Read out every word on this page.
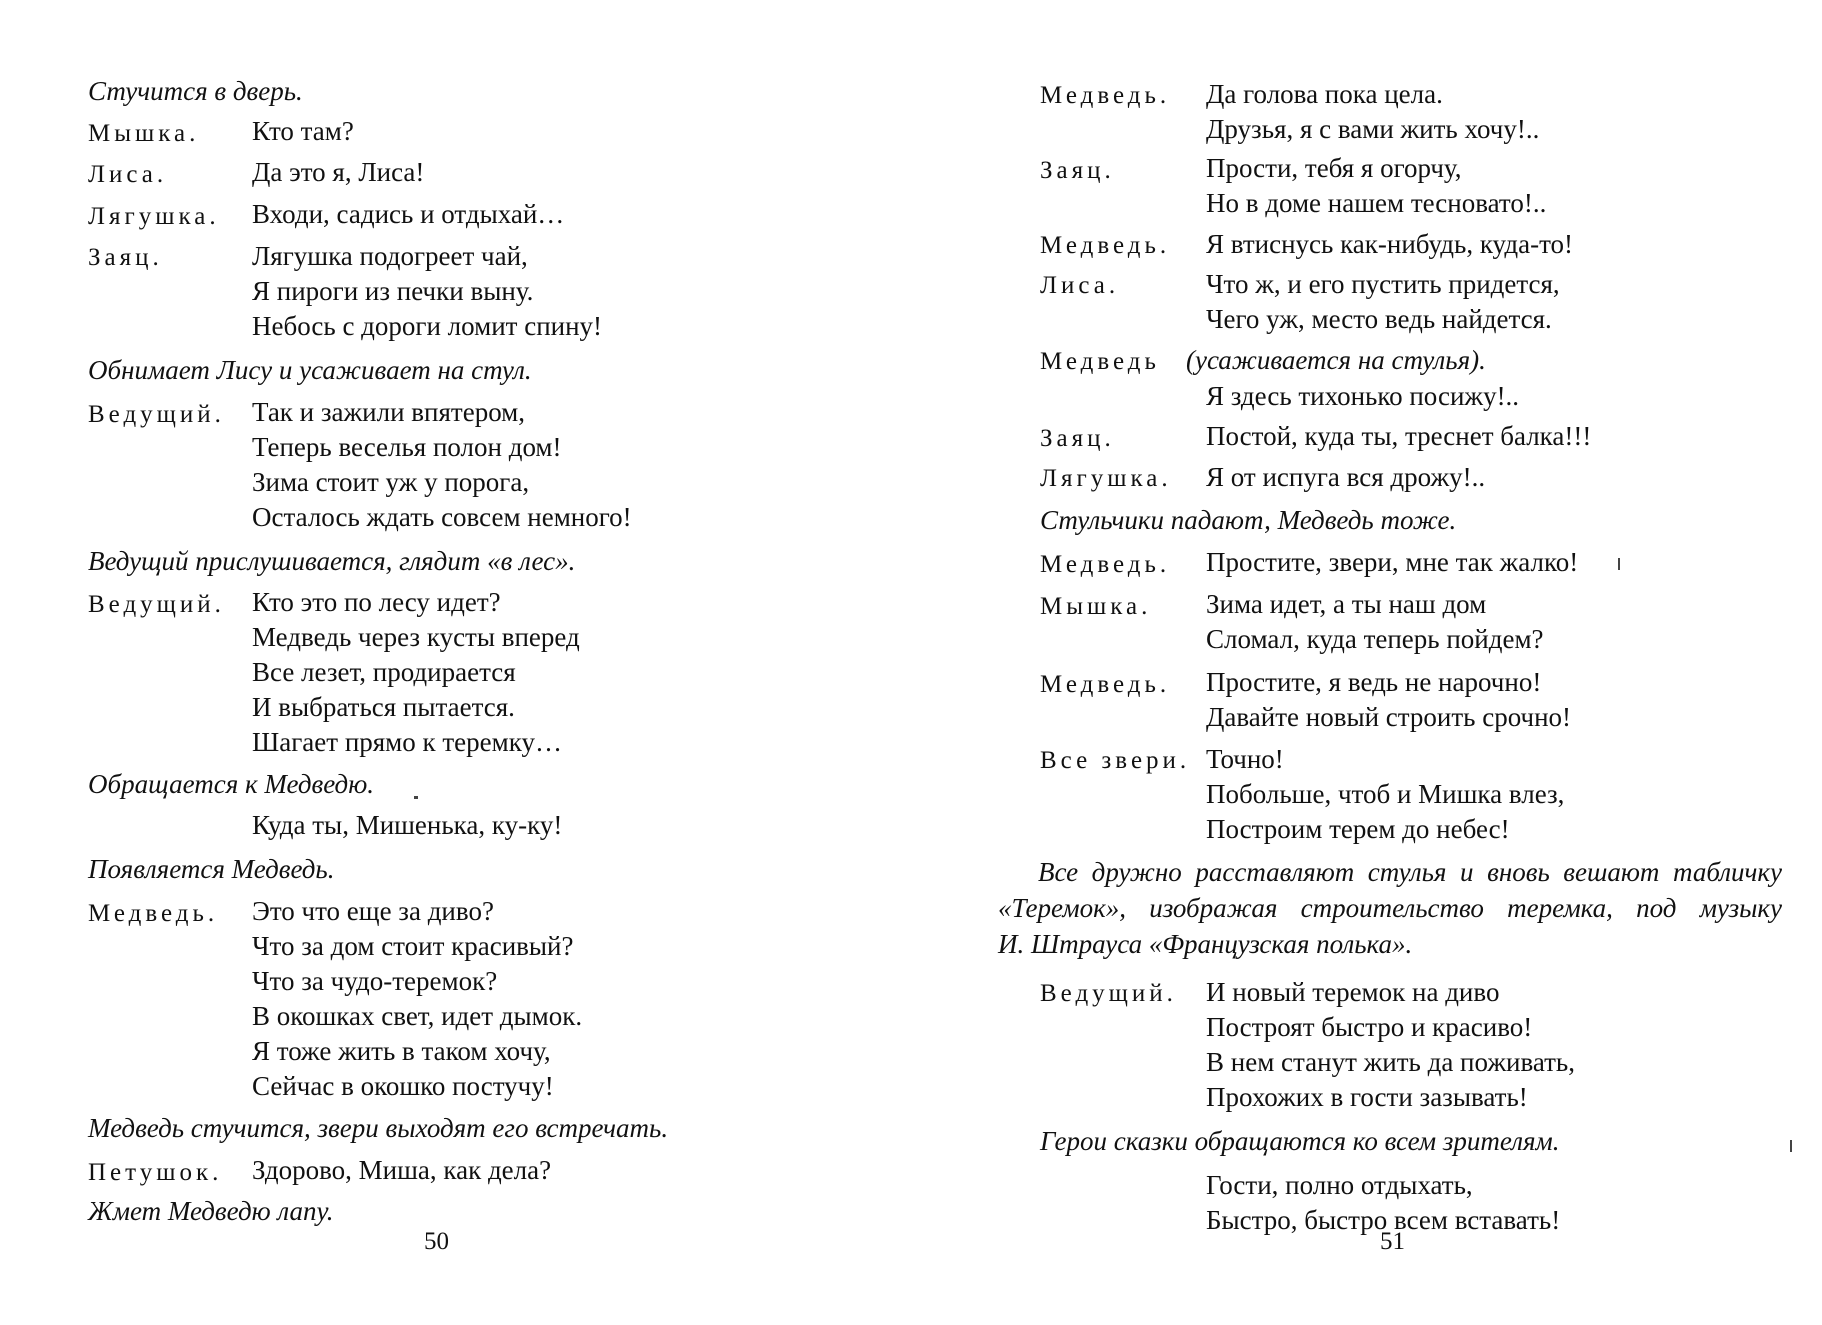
Стучится в дверь.
Мышка. Кто там?
Лиса.	Да это я, Лиса!
Лягушка. Входи, садись и отдыхай…
Заяц.	Лягушка подогреет чай,
Я пироги из печки выну.
Небось с дороги ломит спину!
Обнимает Лису и усаживает на стул.
Ведущий. Так и зажили впятером,
Теперь веселья полон дом!
Зима стоит уж у порога,
Осталось ждать совсем немного!
Ведущий прислушивается, глядит «в лес».
Ведущий. Кто это по лесу идет?
Медведь через кусты вперед
Все лезет, продирается
И выбраться пытается.
Шагает прямо к теремку…
Обращается к Медведю.
Куда ты, Мишенька, ку-ку!
Появляется Медведь.
Медведь. Это что еще за диво?
Что за дом стоит красивый?
Что за чудо-теремок?
В окошках свет, идет дымок.
Я тоже жить в таком хочу,
Сейчас в окошко постучу!
Медведь стучится, звери выходят его встречать.
Петушок. Здорово, Миша, как дела?
Жмет Медведю лапу.
50
Медведь. Да голова пока цела.
Друзья, я с вами жить хочу!..
Заяц.	Прости, тебя я огорчу,
Но в доме нашем тесновато!..
Медведь. Я втиснусь как-нибудь, куда-то!
Лиса.	Что ж, и его пустить придется,
Чего уж, место ведь найдется.
Медведь (усаживается на стулья).
Я здесь тихонько посижу!..
Заяц.	Постой, куда ты, треснет балка!!!
Лягушка. Я от испуга вся дрожу!..
Стульчики падают, Медведь тоже.
Медведь. Простите, звери, мне так жалко!
Мышка. Зима идет, а ты наш дом
Сломал, куда теперь пойдем?
Медведь. Простите, я ведь не нарочно!
Давайте новый строить срочно!
Все звери. Точно!
Побольше, чтоб и Мишка влез,
Построим терем до небес!
Все дружно расставляют стулья и вновь вешают табличку
«Теремок», изображая строительство теремка, под музыку
И. Штрауса «Французская полька».
Ведущий. И новый теремок на диво
Построят быстро и красиво!
В нем станут жить да поживать,
Прохожих в гости зазывать!
Герои сказки обращаются ко всем зрителям.
Гости, полно отдыхать,
Быстро, быстро всем вставать!
51
